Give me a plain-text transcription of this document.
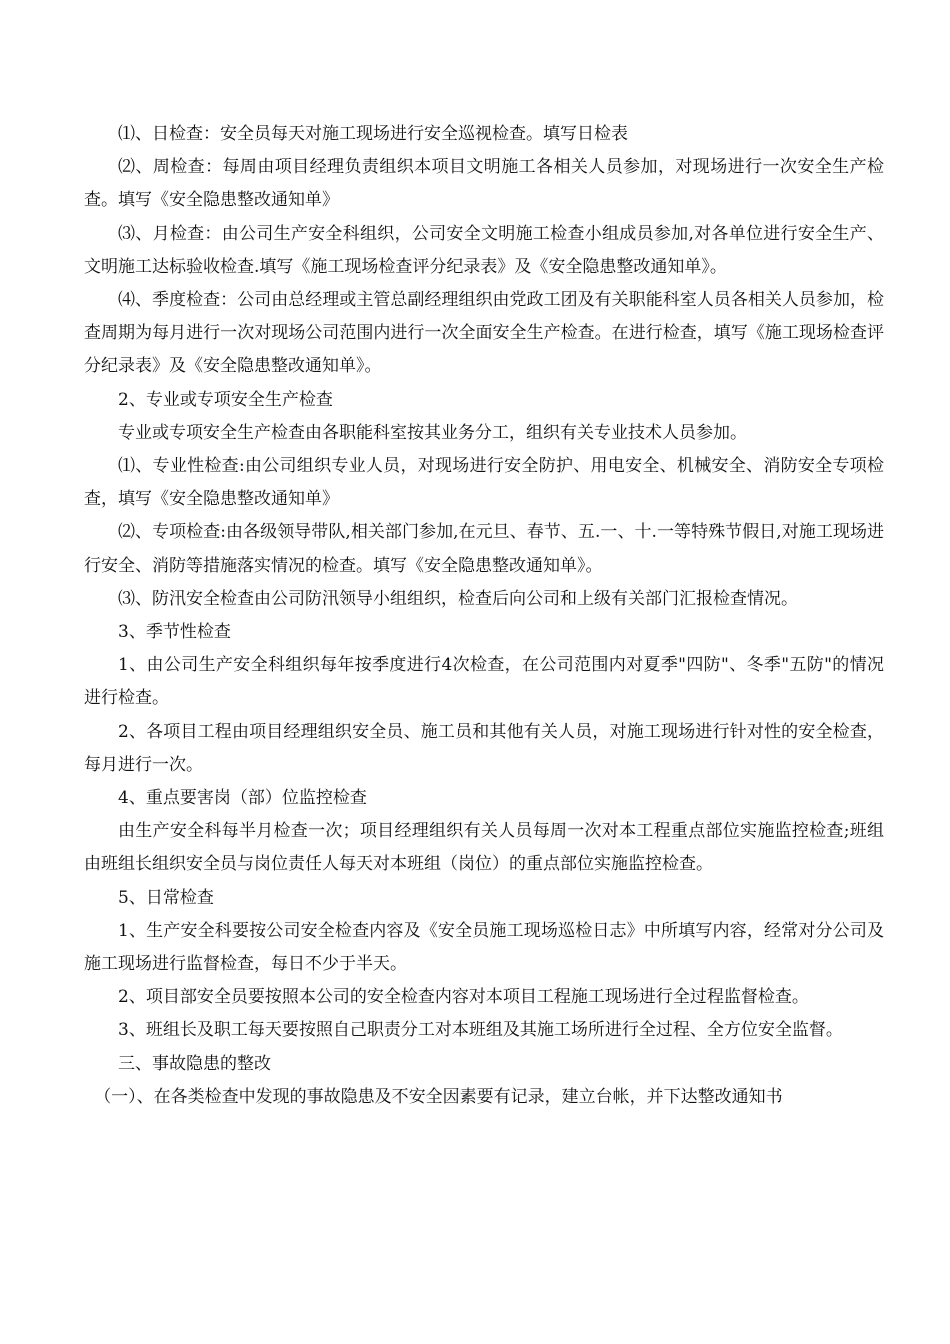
⑴、日检查：安全员每天对施工现场进行安全巡视检查。填写日检表

⑵、周检查：每周由项目经理负责组织本项目文明施工各相关人员参加，对现场进行一次安全生产检查。填写《安全隐患整改通知单》

⑶、月检查：由公司生产安全科组织，公司安全文明施工检查小组成员参加,对各单位进行安全生产、文明施工达标验收检查.填写《施工现场检查评分纪录表》及《安全隐患整改通知单》。

⑷、季度检查：公司由总经理或主管总副经理组织由党政工团及有关职能科室人员各相关人员参加，检查周期为每月进行一次对现场公司范围内进行一次全面安全生产检查。在进行检查，填写《施工现场检查评分纪录表》及《安全隐患整改通知单》。

2、专业或专项安全生产检查

专业或专项安全生产检查由各职能科室按其业务分工，组织有关专业技术人员参加。

⑴、专业性检查:由公司组织专业人员，对现场进行安全防护、用电安全、机械安全、消防安全专项检查，填写《安全隐患整改通知单》

⑵、专项检查:由各级领导带队,相关部门参加,在元旦、春节、五.一、十.一等特殊节假日,对施工现场进行安全、消防等措施落实情况的检查。填写《安全隐患整改通知单》。

⑶、防汛安全检查由公司防汛领导小组组织，检查后向公司和上级有关部门汇报检查情况。

3、季节性检查

1、由公司生产安全科组织每年按季度进行4次检查，在公司范围内对夏季"四防"、冬季"五防"的情况进行检查。

2、各项目工程由项目经理组织安全员、施工员和其他有关人员，对施工现场进行针对性的安全检查，每月进行一次。

4、重点要害岗（部）位监控检查

由生产安全科每半月检查一次；项目经理组织有关人员每周一次对本工程重点部位实施监控检查;班组由班组长组织安全员与岗位责任人每天对本班组（岗位）的重点部位实施监控检查。

5、日常检查

1、生产安全科要按公司安全检查内容及《安全员施工现场巡检日志》中所填写内容，经常对分公司及施工现场进行监督检查，每日不少于半天。

2、项目部安全员要按照本公司的安全检查内容对本项目工程施工现场进行全过程监督检查。

3、班组长及职工每天要按照自己职责分工对本班组及其施工场所进行全过程、全方位安全监督。

三、事故隐患的整改

（一）、在各类检查中发现的事故隐患及不安全因素要有记录，建立台帐，并下达整改通知书
